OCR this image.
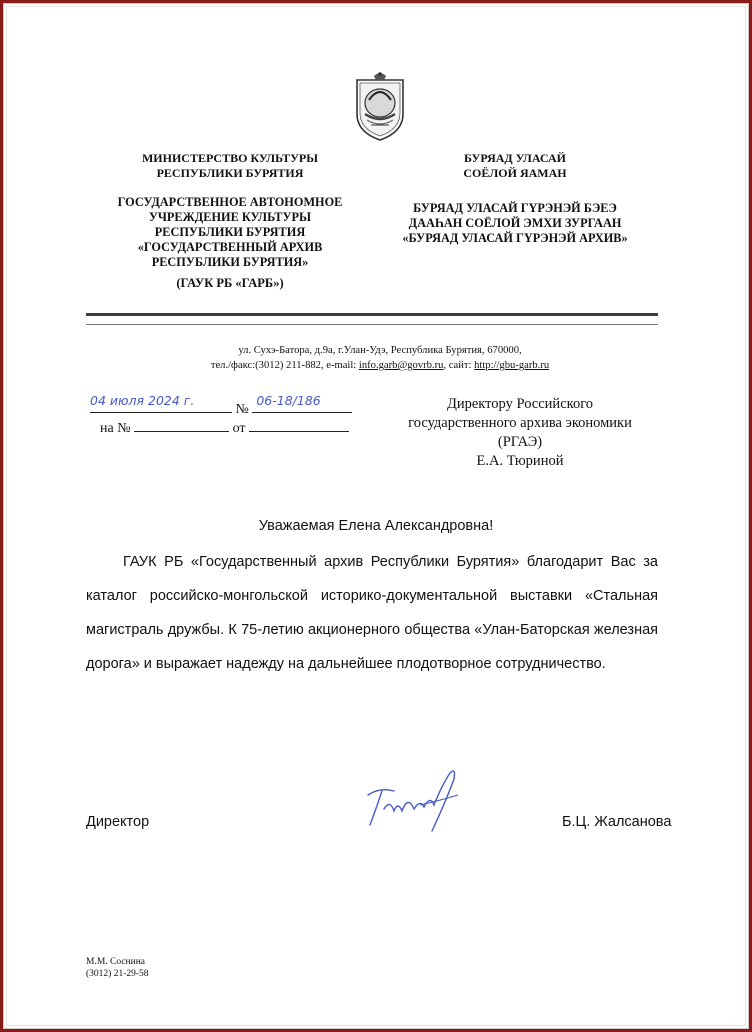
МИНИСТЕРСТВО КУЛЬТУРЫ
РЕСПУБЛИКИ БУРЯТИЯ
ГОСУДАРСТВЕННОЕ АВТОНОМНОЕ
УЧРЕЖДЕНИЕ КУЛЬТУРЫ
РЕСПУБЛИКИ БУРЯТИЯ
«ГОСУДАРСТВЕННЫЙ АРХИВ
РЕСПУБЛИКИ БУРЯТИЯ»
(ГАУК РБ «ГАРБ»)
БУРЯАД УЛАСАЙ
СОЁЛОЙ ЯАМАН
БУРЯАД УЛАСАЙ ГҮРЭНЭЙ БЭЕЭ
ДААҺАН СОЁЛОЙ ЭМХИ ЗУРГААН
«БУРЯАД УЛАСАЙ ГҮРЭНЭЙ АРХИВ»
ул. Сухэ-Батора, д.9а, г.Улан-Удэ, Республика Бурятия, 670000,
тел./факс:(3012) 211-882, e-mail: info.garb@govrb.ru, сайт: http://gbu-garb.ru
04 июля 2024 г.
№
06-18/186
на №	от
Директору Российского
государственного архива экономики
(РГАЭ)
Е.А. Тюриной
Уважаемая Елена Александровна!
ГАУК РБ «Государственный архив Республики Бурятия» благодарит Вас за каталог российско-монгольской историко-документальной выставки «Стальная магистраль дружбы. К 75-летию акционерного общества «Улан-Баторская железная дорога» и выражает надежду на дальнейшее плодотворное сотрудничество.
Директор	Б.Ц. Жалсанова
М.М. Соснина
(3012) 21-29-58
